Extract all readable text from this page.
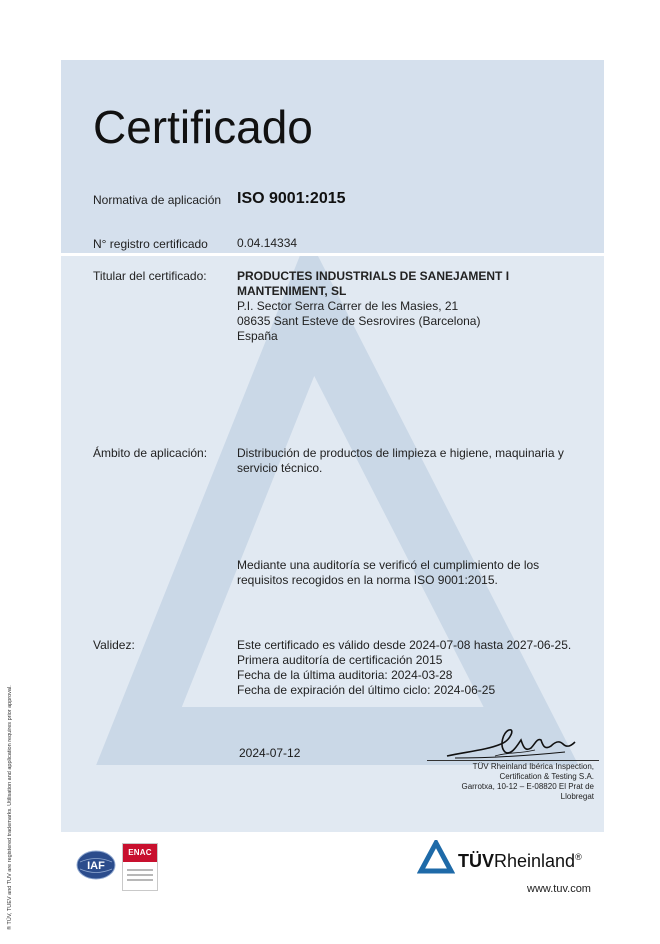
Certificado
Normativa de aplicación ISO 9001:2015
N° registro certificado 0.04.14334
Titular del certificado:	PRODUCTES INDUSTRIALS DE SANEJAMENT I MANTENIMENT, SL
P.I. Sector Serra Carrer de les Masies, 21
08635 Sant Esteve de Sesrovires (Barcelona)
España
Ámbito de aplicación: Distribución de productos de limpieza e higiene, maquinaria y servicio técnico.
Mediante una auditoría se verificó el cumplimiento de los requisitos recogidos en la norma ISO 9001:2015.
Validez:	Este certificado es válido desde 2024-07-08 hasta 2027-06-25.
Primera auditoría de certificación 2015
Fecha de la última auditoria: 2024-03-28
Fecha de expiración del último ciclo: 2024-06-25
2024-07-12
TÜV Rheinland Ibérica Inspection,
Certification & Testing S.A.
Garrotxa, 10-12 – E-08820 El Prat de
Llobregat
IAF
ENAC	TÜVRheinland®
www.tuv.com
® TÜV, TUEV and TUV are registered trademarks. Utilisation and application requires prior approval.
